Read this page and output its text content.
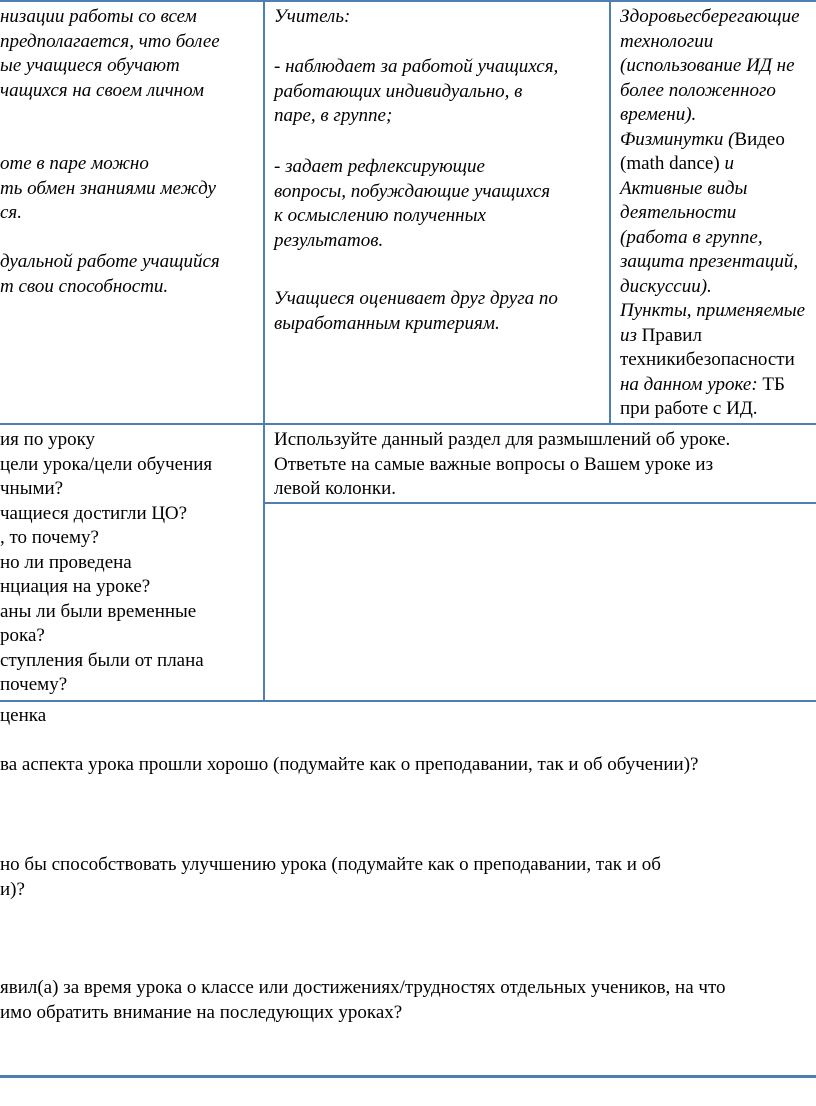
низации работы со всем
предполагается, что более
ые учащиеся обучают
чащихся на своем личном

оте в паре можно
ть обмен знаниями между
ся.

дуальной работе учащийся
т свои способности.
Учитель:
- наблюдает за работой учащихся,
работающих индивидуально, в
паре, в группе;
- задает рефлексирующие
вопросы, побуждающие учащихся
к осмыслению полученных
результатов.
Учащиеся оценивает друг друга по
выработанным критериям.
Здоровьесберегающие
технологии
(использование ИД не
более положенного
времени).
Физминутки (Видео
(math dance) и
Активные виды
деятельности
(работа в группе,
защита презентаций,
дискуссии).
Пункты, применяемые
из Правил
техникибезопасности
на данном уроке: ТБ
при работе с ИД.
ия по уроку
цели урока/цели обучения
чными?
чащиеся достигли ЦО?
, то почему?
но ли проведена
нциация на уроке?
аны ли были временные
рока?
ступления были от плана
почему?
Используйте данный раздел для размышлений об уроке.
Ответьте на самые важные вопросы о Вашем уроке из
левой колонки.
ценка
ва аспекта урока прошли хорошо (подумайте как о преподавании, так и об обучении)?
но бы способствовать улучшению урока (подумайте как о преподавании, так и об
и)?
явил(а) за время урока о классе или достижениях/трудностях отдельных учеников, на что
имо обратить внимание на последующих уроках?
